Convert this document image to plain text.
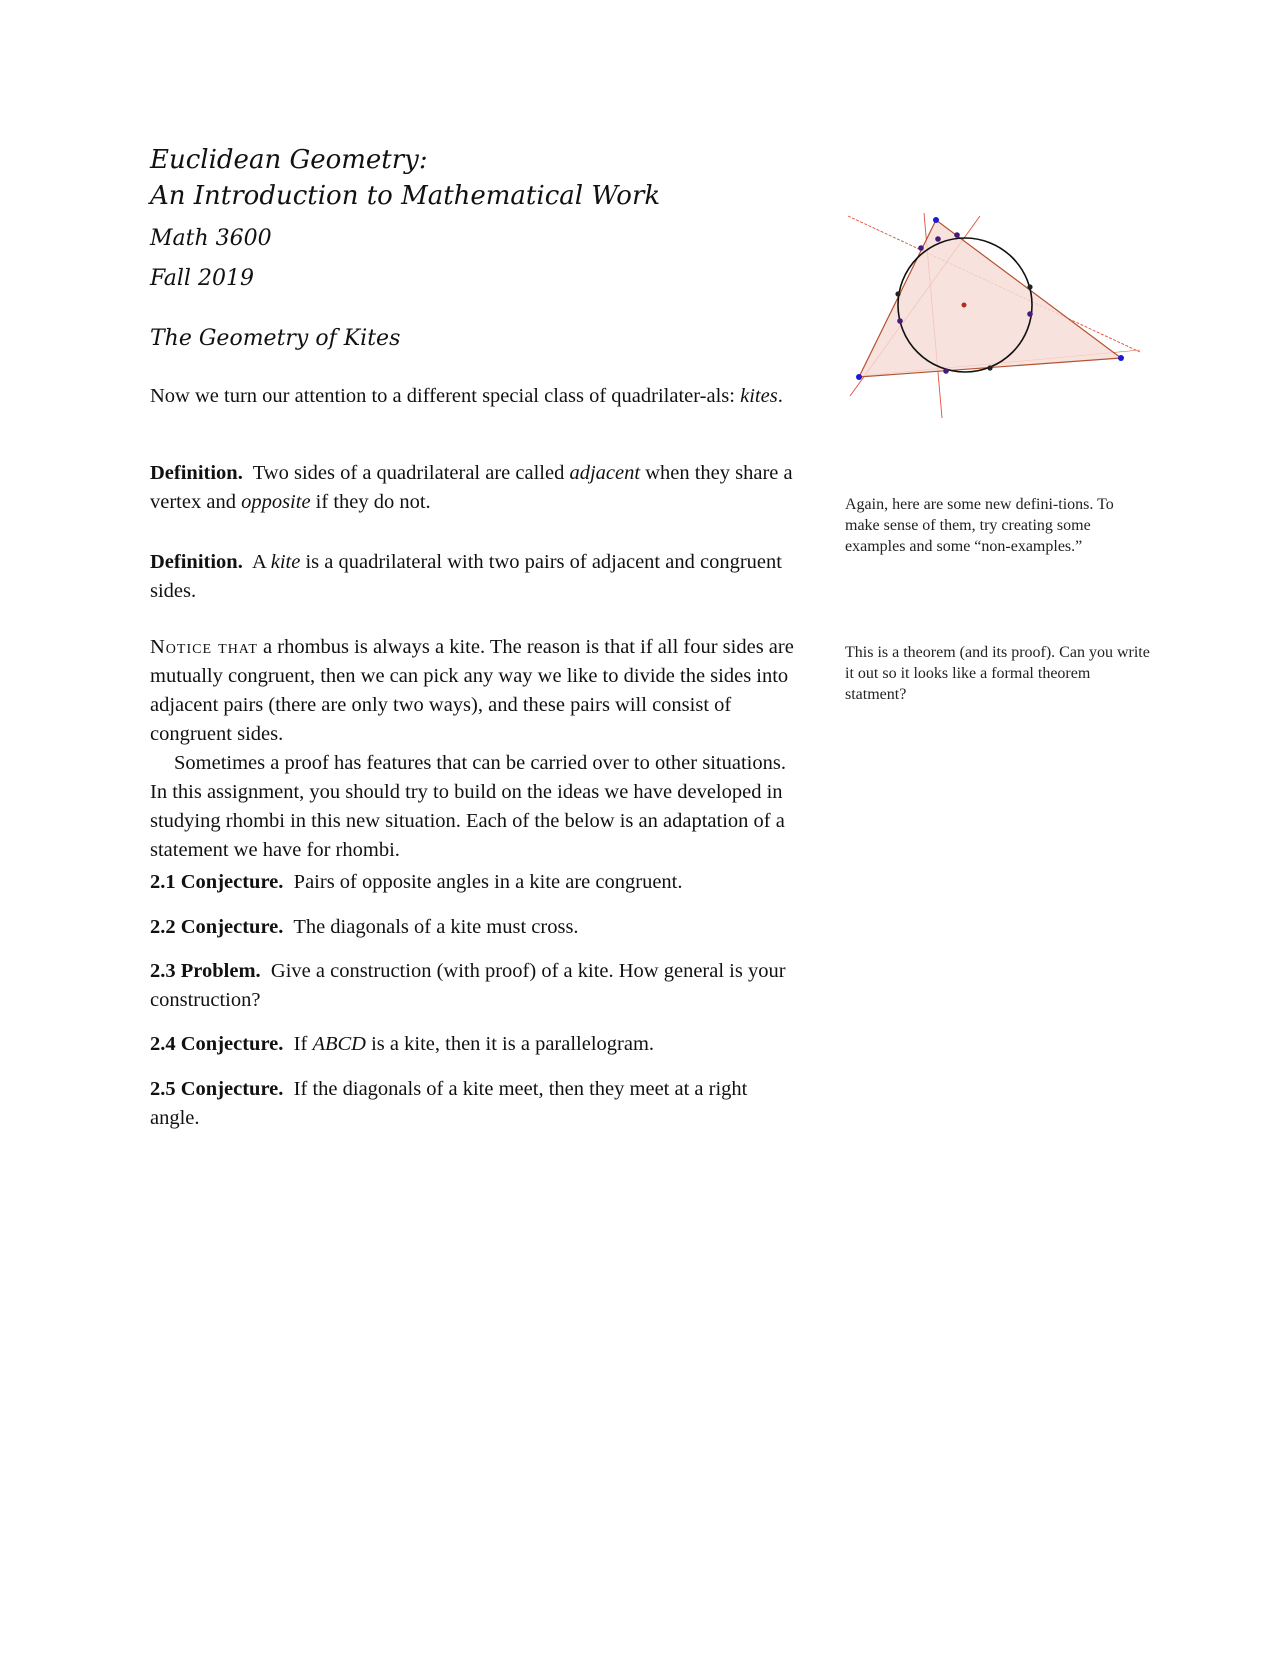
Euclidean Geometry:
An Introduction to Mathematical Work

Math 3600

Fall 2019

The Geometry of Kites

Now we turn our attention to a different special class of quadrilater-als: kites.

Definition. Two sides of a quadrilateral are called adjacent when they share a vertex and opposite if they do not.

Definition. A kite is a quadrilateral with two pairs of adjacent and congruent sides.

Notice that a rhombus is always a kite. The reason is that if all four sides are mutually congruent, then we can pick any way we like to divide the sides into adjacent pairs (there are only two ways), and these pairs will consist of congruent sides.

Sometimes a proof has features that can be carried over to other situations. In this assignment, you should try to build on the ideas we have developed in studying rhombi in this new situation. Each of the below is an adaptation of a statement we have for rhombi.

2.1 Conjecture. Pairs of opposite angles in a kite are congruent.

2.2 Conjecture. The diagonals of a kite must cross.

2.3 Problem. Give a construction (with proof) of a kite. How general is your construction?

2.4 Conjecture. If ABCD is a kite, then it is a parallelogram.

2.5 Conjecture. If the diagonals of a kite meet, then they meet at a right angle.

Again, here are some new defini-tions. To make sense of them, try creating some examples and some “non-examples.”
This is a theorem (and its proof). Can you write it out so it looks like a formal theorem statment?
